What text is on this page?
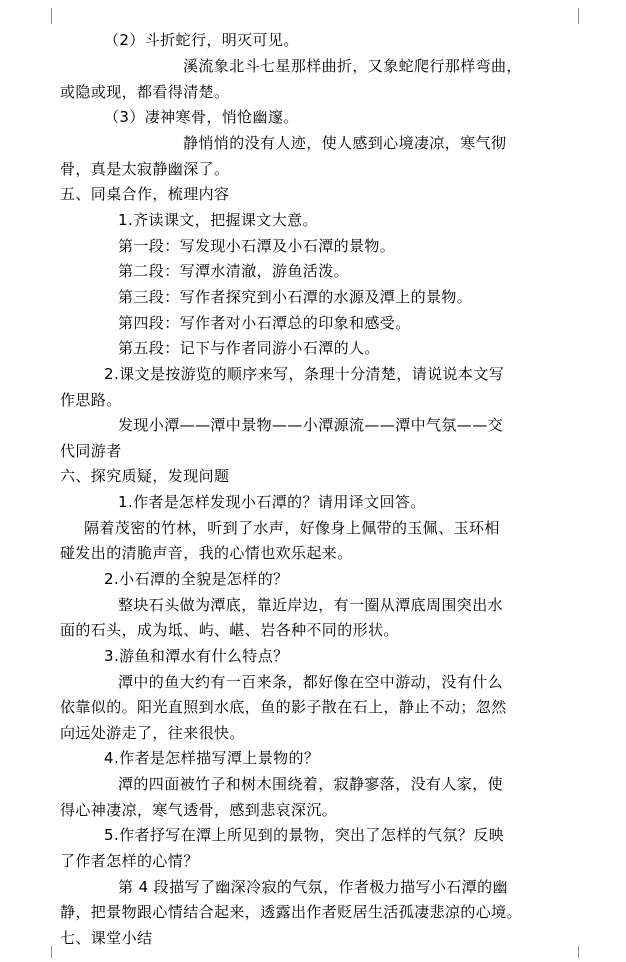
（2）斗折蛇行，明灭可见。
溪流象北斗七星那样曲折，又象蛇爬行那样弯曲，
或隐或现，都看得清楚。
（3）凄神寒骨，悄怆幽邃。
静悄悄的没有人迹，使人感到心境凄凉，寒气彻
骨，真是太寂静幽深了。
五、同桌合作，梳理内容
1.齐读课文，把握课文大意。
第一段：写发现小石潭及小石潭的景物。
第二段：写潭水清澈，游鱼活泼。
第三段：写作者探究到小石潭的水源及潭上的景物。
第四段：写作者对小石潭总的印象和感受。
第五段：记下与作者同游小石潭的人。
2.课文是按游览的顺序来写，条理十分清楚，请说说本文写
作思路。
发现小潭——潭中景物——小潭源流——潭中气氛——交
代同游者
六、探究质疑，发现问题
1.作者是怎样发现小石潭的？请用译文回答。
隔着茂密的竹林，听到了水声，好像身上佩带的玉佩、玉环相
碰发出的清脆声音，我的心情也欢乐起来。
2.小石潭的全貌是怎样的？
整块石头做为潭底，靠近岸边，有一圈从潭底周围突出水
面的石头，成为坻、屿、嵁、岩各种不同的形状。
3.游鱼和潭水有什么特点？
潭中的鱼大约有一百来条，都好像在空中游动，没有什么
依靠似的。阳光直照到水底，鱼的影子散在石上，静止不动；忽然
向远处游走了，往来很快。
4.作者是怎样描写潭上景物的？
潭的四面被竹子和树木围绕着，寂静寥落，没有人家，使
得心神凄凉，寒气透骨，感到悲哀深沉。
5.作者抒写在潭上所见到的景物，突出了怎样的气氛？反映
了作者怎样的心情？
第 4 段描写了幽深冷寂的气氛，作者极力描写小石潭的幽
静，把景物跟心情结合起来，透露出作者贬居生活孤凄悲凉的心境。
七、课堂小结
